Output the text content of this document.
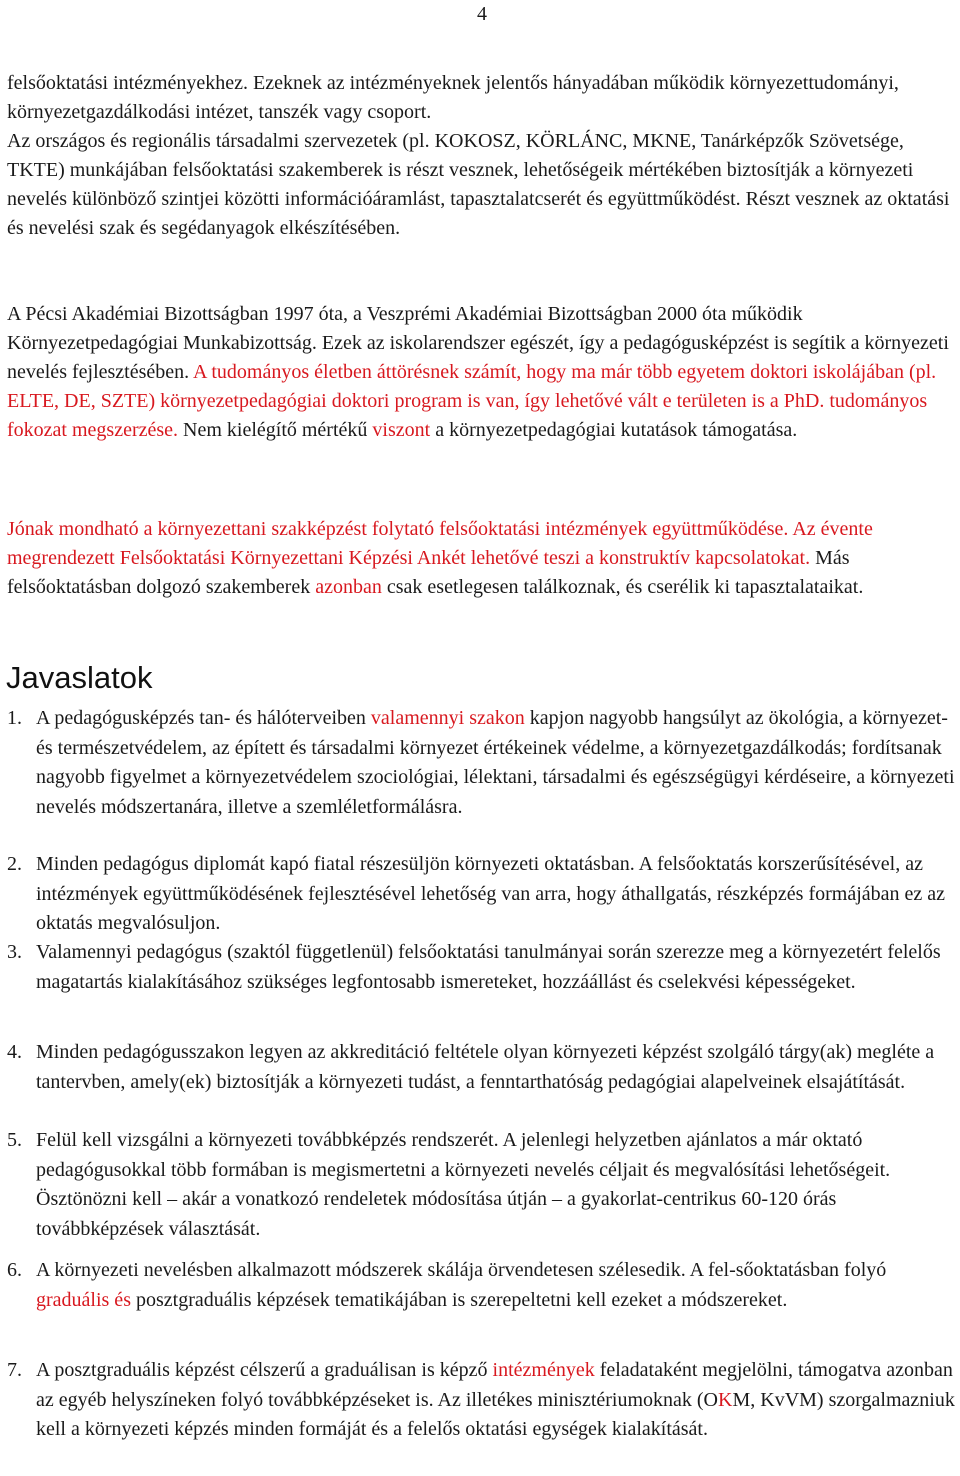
4
felsőoktatási intézményekhez. Ezeknek az intézményeknek jelentős hányadában működik környezettudományi, környezetgazdálkodási intézet, tanszék vagy csoport.
Az országos és regionális társadalmi szervezetek (pl. KOKOSZ, KÖRLÁNC, MKNE, Tanárképzők Szövetsége, TKTE) munkájában felsőoktatási szakemberek is részt vesznek, lehetőségeik mértékében biztosítják a környezeti nevelés különböző szintjei közötti információáramlást, tapasztalatcserét és együttműködést. Részt vesznek az oktatási és nevelési szak és segédanyagok elkészítésében.
A Pécsi Akadémiai Bizottságban 1997 óta, a Veszprémi Akadémiai Bizottságban 2000 óta működik Környezetpedagógiai Munkabizottság. Ezek az iskolarendszer egészét, így a pedagógusképzést is segítik a környezeti nevelés fejlesztésében. A tudományos életben áttörésnek számít, hogy ma már több egyetem doktori iskolájában (pl. ELTE, DE, SZTE) környezetpedagógiai doktori program is van, így lehetővé vált e területen is a PhD. tudományos fokozat megszerzése. Nem kielégítő mértékű viszont a környezetpedagógiai kutatások támogatása.
Jónak mondható a környezettani szakképzést folytató felsőoktatási intézmények együttműködése. Az évente megrendezett Felsőoktatási Környezettani Képzési Ankét lehetővé teszi a konstruktív kapcsolatokat. Más felsőoktatásban dolgozó szakemberek azonban csak esetlegesen találkoznak, és cserélik ki tapasztalataikat.
Javaslatok
1. A pedagógusképzés tan- és hálóterveiben valamennyi szakon kapjon nagyobb hangsúlyt az ökológia, a környezet- és természetvédelem, az épített és társadalmi környezet értékeinek védelme, a környezetgazdálkodás; fordítsanak nagyobb figyelmet a környezetvédelem szociológiai, lélektani, társadalmi és egészségügyi kérdéseire, a környezeti nevelés módszertanára, illetve a szemléletformálásra.
2. Minden pedagógus diplomát kapó fiatal részesüljön környezeti oktatásban. A felsőoktatás korszerűsítésével, az intézmények együttműködésének fejlesztésével lehetőség van arra, hogy áthallgatás, részképzés formájában ez az oktatás megvalósuljon.
3. Valamennyi pedagógus (szaktól függetlenül) felsőoktatási tanulmányai során szerezze meg a környezetért felelős magatartás kialakításához szükséges legfontosabb ismereteket, hozzáállást és cselekvési képességeket.
4. Minden pedagógusszakon legyen az akkreditáció feltétele olyan környezeti képzést szolgáló tárgy(ak) megléte a tantervben, amely(ek) biztosítják a környezeti tudást, a fenntarthatóság pedagógiai alapelveinek elsajátítását.
5. Felül kell vizsgálni a környezeti továbbképzés rendszerét. A jelenlegi helyzetben ajánlatos a már oktató pedagógusokkal több formában is megismertetni a környezeti nevelés céljait és megvalósítási lehetőségeit. Ösztönözni kell – akár a vonatkozó rendeletek módosítása útján – a gyakorlat-centrikus 60-120 órás továbbképzések választását.
6. A környezeti nevelésben alkalmazott módszerek skálája örvendetesen szélesedik. A fel-sőoktatásban folyó graduális és posztgraduális képzések tematikájában is szerepeltetni kell ezeket a módszereket.
7. A posztgraduális képzést célszerű a graduálisan is képző intézmények feladataként megjelölni, támogatva azonban az egyéb helyszíneken folyó továbbképzéseket is. Az illetékes minisztériumoknak (OKM, KvVM) szorgalmazniuk kell a környezeti képzés minden formáját és a felelős oktatási egységek kialakítását.
